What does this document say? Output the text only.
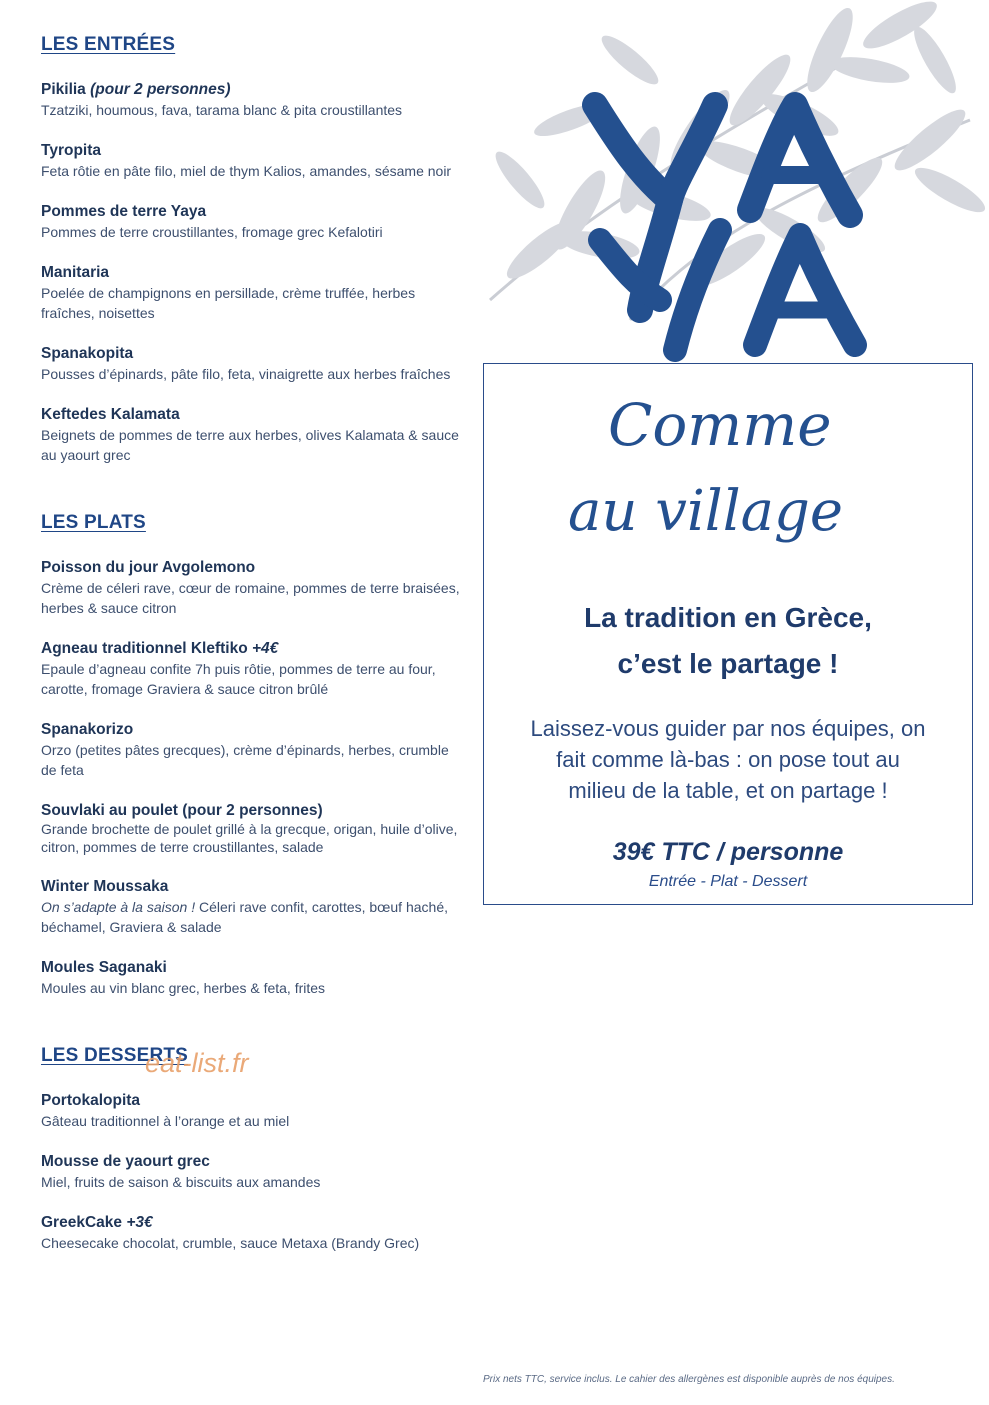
LES ENTRÉES
Pikilia (pour 2 personnes)
Tzatziki, houmous, fava, tarama blanc & pita croustillantes
Tyropita
Feta rôtie en pâte filo, miel de thym Kalios, amandes, sésame noir
Pommes de terre Yaya
Pommes de terre croustillantes, fromage grec Kefalotiri
Manitaria
Poelée de champignons en persillade, crème truffée, herbes fraîches, noisettes
Spanakopita
Pousses d’épinards, pâte filo, feta, vinaigrette aux herbes fraîches
Keftedes Kalamata
Beignets de pommes de terre aux herbes, olives Kalamata & sauce au yaourt grec
LES PLATS
Poisson du jour Avgolemono
Crème de céleri rave, cœur de romaine, pommes de terre braisées, herbes & sauce citron
Agneau traditionnel Kleftiko +4€
Epaule d’agneau confite 7h puis rôtie, pommes de terre au four, carotte, fromage Graviera & sauce citron brûlé
Spanakorizo
Orzo (petites pâtes grecques), crème d’épinards, herbes, crumble de feta
Souvlaki au poulet (pour 2 personnes)
Grande brochette de poulet grillé à la grecque, origan, huile d’olive, citron, pommes de terre croustillantes, salade
Winter Moussaka
On s’adapte à la saison ! Céleri rave confit, carottes, bœuf haché, béchamel, Graviera & salade
Moules Saganaki
Moules au vin blanc grec, herbes & feta, frites
LES DESSERTS
Portokalopita
Gâteau traditionnel à l’orange et au miel
Mousse de yaourt grec
Miel, fruits de saison & biscuits aux amandes
GreekCake +3€
Cheesecake chocolat, crumble, sauce Metaxa (Brandy Grec)
Comme
au village
La tradition en Grèce,
c’est le partage !
Laissez-vous guider par nos équipes, on
fait comme là-bas : on pose tout au
milieu de la table, et on partage !
39€ TTC / personne
Entrée - Plat - Dessert
eat-list.fr
Prix nets TTC, service inclus. Le cahier des allergènes est disponible auprès de nos équipes.
